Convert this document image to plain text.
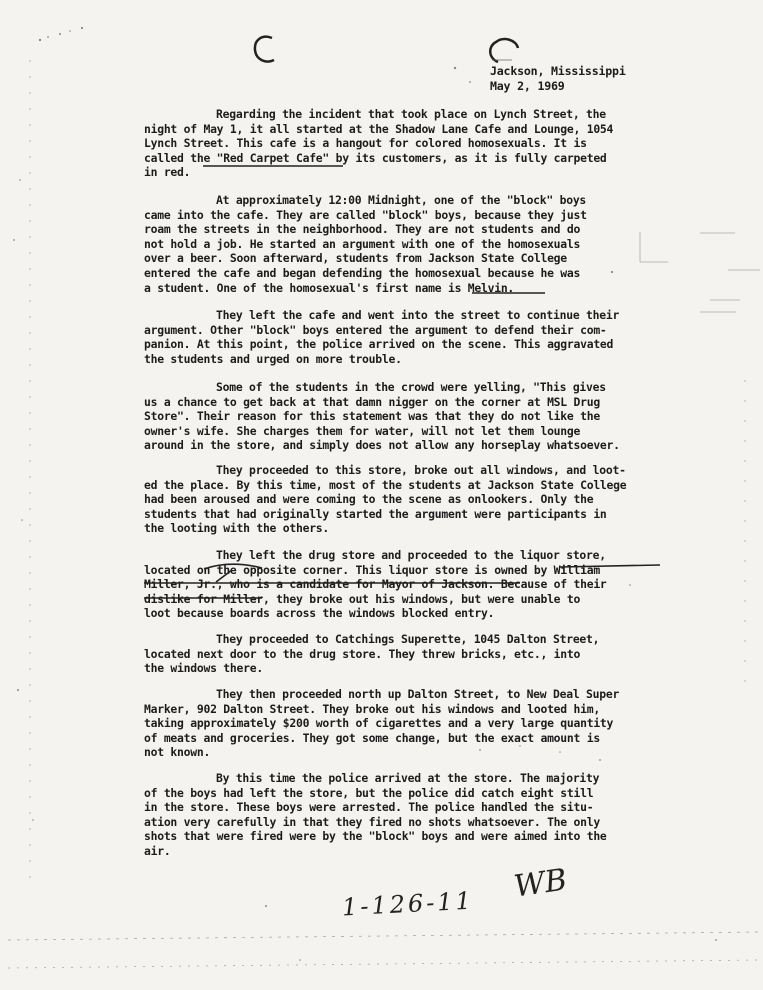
Jackson, Mississippi
May 2, 1969
Regarding the incident that took place on Lynch Street, the
night of May 1, it all started at the Shadow Lane Cafe and Lounge, 1054
Lynch Street. This cafe is a hangout for colored homosexuals. It is
called the "Red Carpet Cafe" by its customers, as it is fully carpeted
in red.
At approximately 12:00 Midnight, one of the "block" boys
came into the cafe. They are called "block" boys, because they just
roam the streets in the neighborhood. They are not students and do
not hold a job. He started an argument with one of the homosexuals
over a beer. Soon afterward, students from Jackson State College
entered the cafe and began defending the homosexual because he was
a student. One of the homosexual's first name is Melvin.
They left the cafe and went into the street to continue their
argument. Other "block" boys entered the argument to defend their com-
panion. At this point, the police arrived on the scene. This aggravated
the students and urged on more trouble.
Some of the students in the crowd were yelling, "This gives
us a chance to get back at that damn nigger on the corner at MSL Drug
Store". Their reason for this statement was that they do not like the
owner's wife. She charges them for water, will not let them lounge
around in the store, and simply does not allow any horseplay whatsoever.
They proceeded to this store, broke out all windows, and loot-
ed the place. By this time, most of the students at Jackson State College
had been aroused and were coming to the scene as onlookers. Only the
students that had originally started the argument were participants in
the looting with the others.
They left the drug store and proceeded to the liquor store,
located on the opposite corner. This liquor store is owned by William
Miller, Jr., who is a candidate for Mayor of Jackson. Because of their
dislike for Miller, they broke out his windows, but were unable to
loot because boards across the windows blocked entry.
They proceeded to Catchings Superette, 1045 Dalton Street,
located next door to the drug store. They threw bricks, etc., into
the windows there.
They then proceeded north up Dalton Street, to New Deal Super
Marker, 902 Dalton Street. They broke out his windows and looted him,
taking approximately $200 worth of cigarettes and a very large quantity
of meats and groceries. They got some change, but the exact amount is
not known.
By this time the police arrived at the store. The majority
of the boys had left the store, but the police did catch eight still
in the store. These boys were arrested. The police handled the situ-
ation very carefully in that they fired no shots whatsoever. The only
shots that were fired were by the "block" boys and were aimed into the
air.
1-126-11 WB
